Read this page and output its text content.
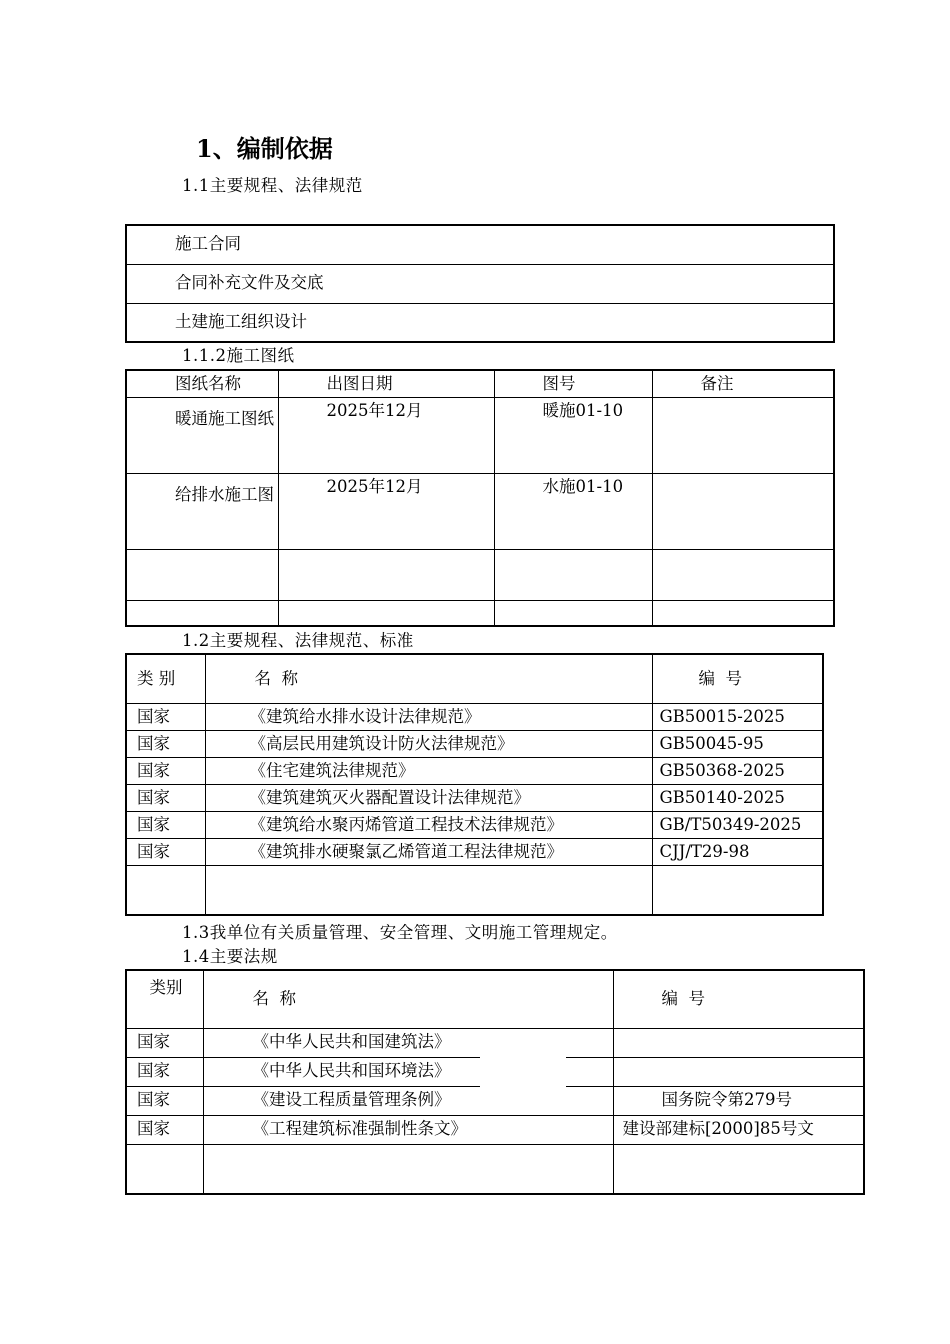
1、编制依据
1.1主要规程、法律规范
施工合同
合同补充文件及交底
土建施工组织设计
1.1.2施工图纸
图纸名称	出图日期	图号	备注
暖通施工图纸	2025年12月	暖施01-10	
给排水施工图	2025年12月	水施01-10	

1.2主要规程、法律规范、标准
类 别	名  称	编  号
国家	《建筑给水排水设计法律规范》	GB50015-2025
国家	《高层民用建筑设计防火法律规范》	GB50045-95
国家	《住宅建筑法律规范》	GB50368-2025
国家	《建筑建筑灭火器配置设计法律规范》	GB50140-2025
国家	《建筑给水聚丙烯管道工程技术法律规范》	GB/T50349-2025
国家	《建筑排水硬聚氯乙烯管道工程法律规范》	CJJ/T29-98

1.3我单位有关质量管理、安全管理、文明施工管理规定。
1.4主要法规
类别	名  称	编  号
国家	《中华人民共和国建筑法》	
国家	《中华人民共和国环境法》	
国家	《建设工程质量管理条例》	国务院令第279号
国家	《工程建筑标准强制性条文》	建设部建标[2000]85号文
